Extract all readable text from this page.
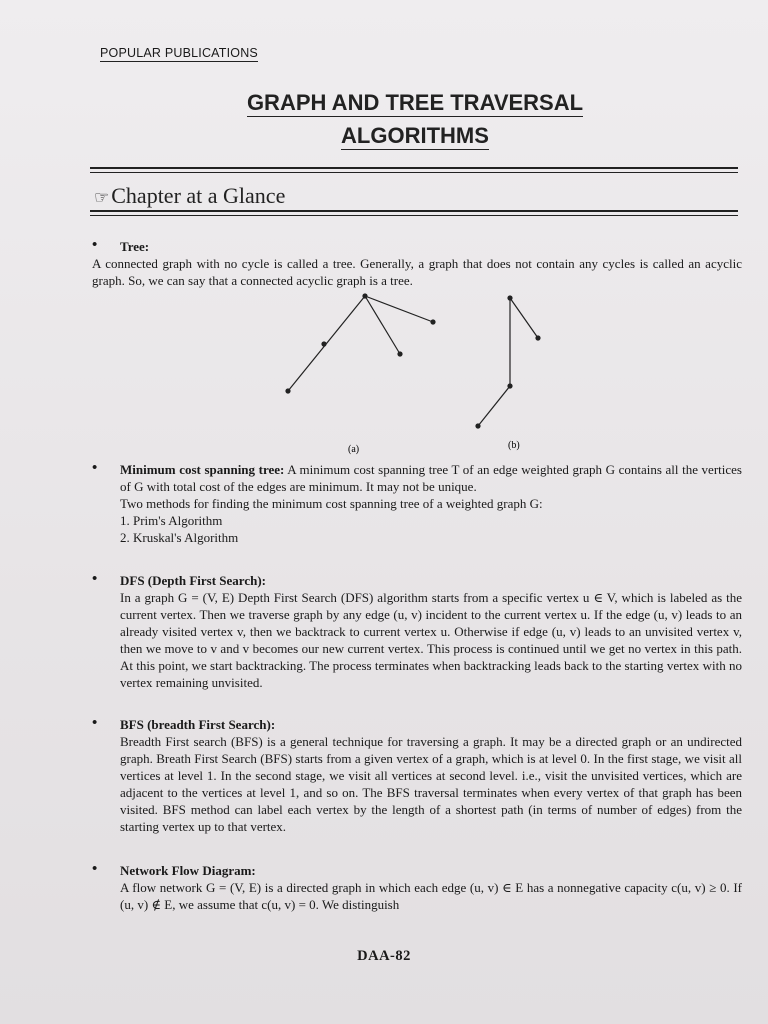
POPULAR PUBLICATIONS
GRAPH AND TREE TRAVERSAL
ALGORITHMS
☞Chapter at a Glance
• Tree:
A connected graph with no cycle is called a tree. Generally, a graph that does not contain any cycles is called an acyclic graph. So, we can say that a connected acyclic graph is a tree.
(a)	(b)
• Minimum cost spanning tree: A minimum cost spanning tree T of an edge weighted graph G contains all the vertices of G with total cost of the edges are minimum. It may not be unique.
Two methods for finding the minimum cost spanning tree of a weighted graph G:
1. Prim's Algorithm
2. Kruskal's Algorithm
• DFS (Depth First Search):
In a graph G = (V, E) Depth First Search (DFS) algorithm starts from a specific vertex u ∈ V, which is labeled as the current vertex. Then we traverse graph by any edge (u, v) incident to the current vertex u. If the edge (u, v) leads to an already visited vertex v, then we backtrack to current vertex u. Otherwise if edge (u, v) leads to an unvisited vertex v, then we move to v and v becomes our new current vertex. This process is continued until we get no vertex in this path. At this point, we start backtracking. The process terminates when backtracking leads back to the starting vertex with no vertex remaining unvisited.
• BFS (breadth First Search):
Breadth First search (BFS) is a general technique for traversing a graph. It may be a directed graph or an undirected graph. Breath First Search (BFS) starts from a given vertex of a graph, which is at level 0. In the first stage, we visit all vertices at level 1. In the second stage, we visit all vertices at second level. i.e., visit the unvisited vertices, which are adjacent to the vertices at level 1, and so on. The BFS traversal terminates when every vertex of that graph has been visited. BFS method can label each vertex by the length of a shortest path (in terms of number of edges) from the starting vertex up to that vertex.
• Network Flow Diagram:
A flow network G = (V, E) is a directed graph in which each edge (u, v) ∈ E has a nonnegative capacity c(u, v) ≥ 0. If (u, v) ∉ E, we assume that c(u, v) = 0. We distinguish
DAA-82
